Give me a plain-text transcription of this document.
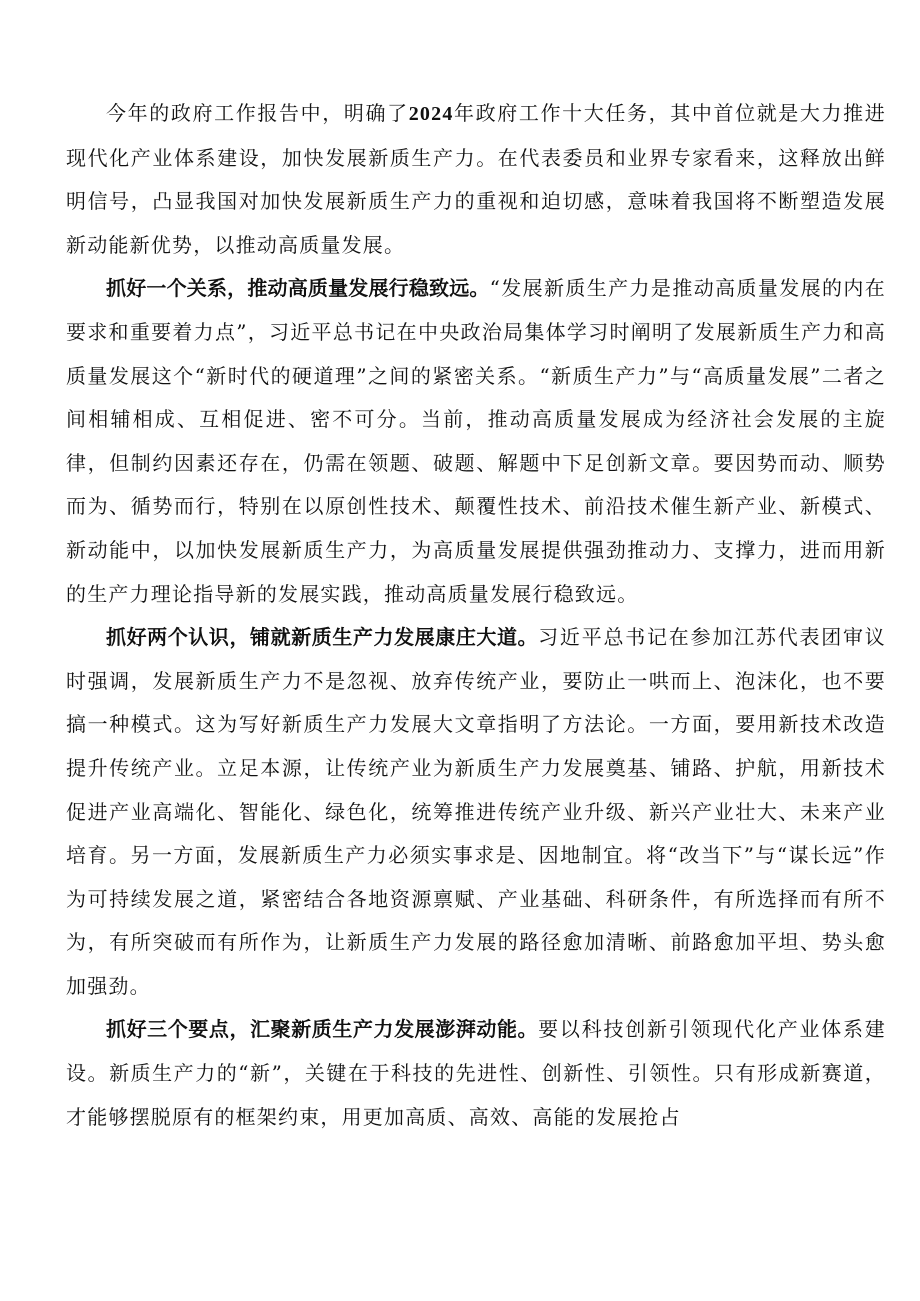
今年的政府工作报告中，明确了2024年政府工作十大任务，其中首位就是大力推进现代化产业体系建设，加快发展新质生产力。在代表委员和业界专家看来，这释放出鲜明信号，凸显我国对加快发展新质生产力的重视和迫切感，意味着我国将不断塑造发展新动能新优势，以推动高质量发展。

抓好一个关系，推动高质量发展行稳致远。“发展新质生产力是推动高质量发展的内在要求和重要着力点”，习近平总书记在中央政治局集体学习时阐明了发展新质生产力和高质量发展这个“新时代的硬道理”之间的紧密关系。“新质生产力”与“高质量发展”二者之间相辅相成、互相促进、密不可分。当前，推动高质量发展成为经济社会发展的主旋律，但制约因素还存在，仍需在领题、破题、解题中下足创新文章。要因势而动、顺势而为、循势而行，特别在以原创性技术、颠覆性技术、前沿技术催生新产业、新模式、新动能中，以加快发展新质生产力，为高质量发展提供强劲推动力、支撑力，进而用新的生产力理论指导新的发展实践，推动高质量发展行稳致远。

抓好两个认识，铺就新质生产力发展康庄大道。习近平总书记在参加江苏代表团审议时强调，发展新质生产力不是忽视、放弃传统产业，要防止一哄而上、泡沫化，也不要搞一种模式。这为写好新质生产力发展大文章指明了方法论。一方面，要用新技术改造提升传统产业。立足本源，让传统产业为新质生产力发展奠基、铺路、护航，用新技术促进产业高端化、智能化、绿色化，统筹推进传统产业升级、新兴产业壮大、未来产业培育。另一方面，发展新质生产力必须实事求是、因地制宜。将“改当下”与“谋长远”作为可持续发展之道，紧密结合各地资源禀赋、产业基础、科研条件，有所选择而有所不为，有所突破而有所作为，让新质生产力发展的路径愈加清晰、前路愈加平坦、势头愈加强劲。

抓好三个要点，汇聚新质生产力发展澎湃动能。要以科技创新引领现代化产业体系建设。新质生产力的“新”，关键在于科技的先进性、创新性、引领性。只有形成新赛道，才能够摆脱原有的框架约束，用更加高质、高效、高能的发展抢占
